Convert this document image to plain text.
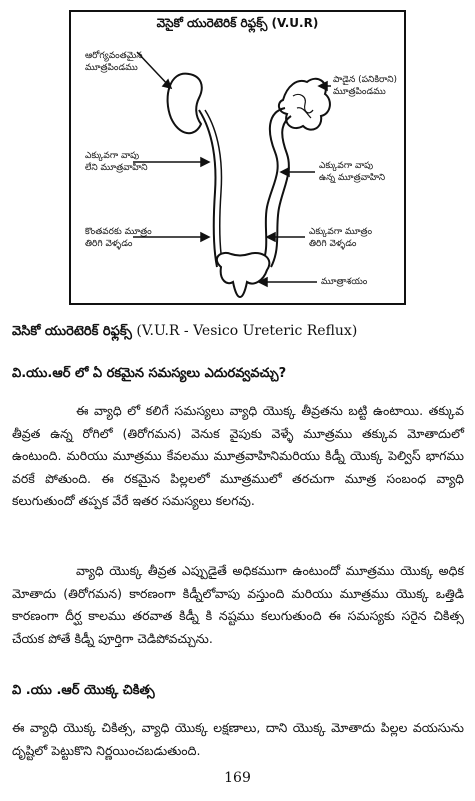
వెసైకో యురెటెరిక్ రిఫ్లక్స్ (V.U.R)
ఆరోగ్యవంతమైన
మూత్రపిండము
ఎక్కువగా వాపు
లేని మూత్రవాహిని
కొంతవరకు మూత్రం
తిరిగి వెళ్ళడం
పాడైన (పనికిరాని)
మూత్రపిండము
ఎక్కువగా వాపు
ఉన్న మూత్రవాహిని
ఎక్కువగా మూత్రం
తిరిగి వెళ్ళడం
మూత్రాశయం
వెసికో యురెటెరిక్ రిఫ్లక్స్ (V.U.R - Vesico Ureteric Reflux)
వి.యు.ఆర్ లో ఏ రకమైన సమస్యలు ఎదురవ్వవచ్చు?
ఈ వ్యాధి లో కలిగే సమస్యలు వ్యాధి యొక్క తీవ్రతను బట్టి ఉంటాయి. తక్కువ తీవ్రత ఉన్న రోగిలో (తిరోగమన) వెనుక వైపుకు వెళ్ళే మూత్రము తక్కువ మోతాదులో ఉంటుంది. మరియు మూత్రము కేవలము మూత్రవాహినిమరియు కిడ్నీ యొక్క పెల్విస్ భాగము వరకే పోతుంది. ఈ రకమైన పిల్లలలో మూత్రములో తరచుగా మూత్ర సంబంధ వ్యాధి కలుగుతుందో తప్పక వేరే ఇతర సమస్యలు కలగవు.
వ్యాధి యొక్క తీవ్రత ఎప్పుడైతే అధికముగా ఉంటుందో మూత్రము యొక్క అధిక మోతాదు (తిరోగమన) కారణంగా కిడ్నీలోవాపు వస్తుంది మరియు మూత్రము యొక్క ఒత్తిడి కారణంగా దీర్ఘ కాలము తరవాత కిడ్నీ కి నష్టము కలుగుతుంది ఈ సమస్యకు సరైన చికిత్స చేయక పోతే కిడ్నీ పూర్తిగా చెడిపోవచ్చును.
వి .యు .ఆర్ యొక్క చికిత్స
ఈ వ్యాధి యొక్క చికిత్స, వ్యాధి యొక్క లక్షణాలు, దాని యొక్క మోతాదు పిల్లల వయసును దృష్టిలో పెట్టుకొని నిర్ణయించబడుతుంది.
169
